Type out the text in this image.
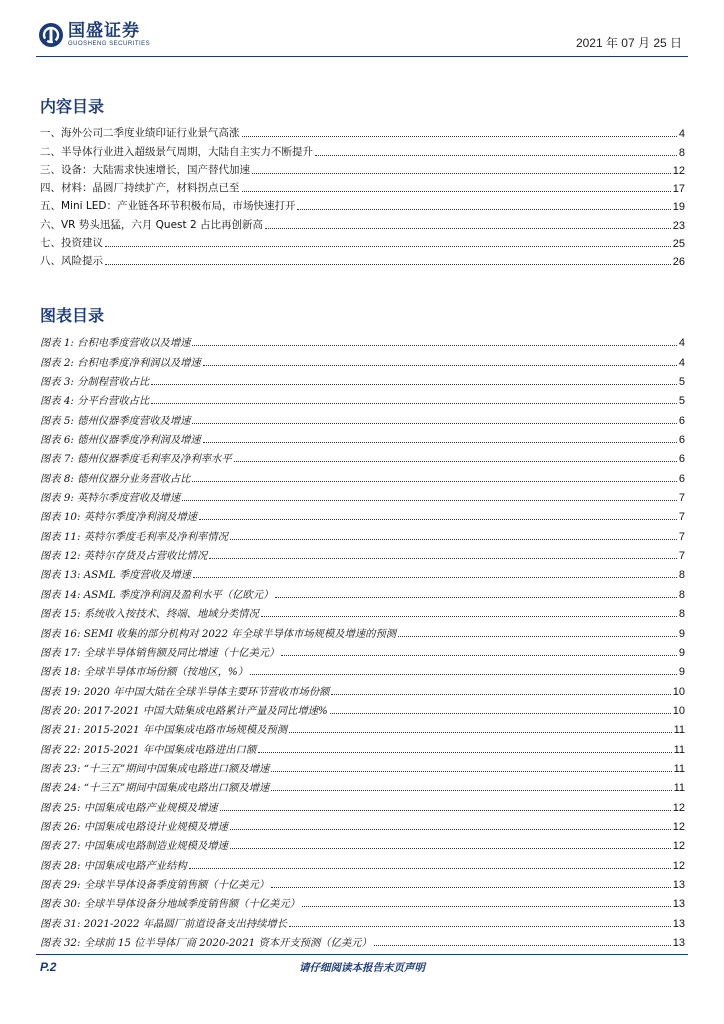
国盛证券
GUOSHENG SECURITIES	2021 年 07 月 25 日
内容目录
一、海外公司二季度业绩印证行业景气高涨	4
二、半导体行业进入超级景气周期，大陆自主实力不断提升	8
三、设备：大陆需求快速增长，国产替代加速	12
四、材料：晶圆厂持续扩产，材料拐点已至	17
五、Mini LED：产业链各环节积极布局，市场快速打开	19
六、VR 势头迅猛，六月 Quest 2 占比再创新高	23
七、投资建议	25
八、风险提示	26
图表目录
图表 1: 台积电季度营收以及增速	4
图表 2: 台积电季度净利润以及增速	4
图表 3: 分制程营收占比	5
图表 4: 分平台营收占比	5
图表 5: 德州仪器季度营收及增速	6
图表 6: 德州仪器季度净利润及增速	6
图表 7: 德州仪器季度毛利率及净利率水平	6
图表 8: 德州仪器分业务营收占比	6
图表 9: 英特尔季度营收及增速	7
图表 10: 英特尔季度净利润及增速	7
图表 11: 英特尔季度毛利率及净利率情况	7
图表 12: 英特尔存货及占营收比情况	7
图表 13: ASML 季度营收及增速	8
图表 14: ASML 季度净利润及盈利水平（亿欧元）	8
图表 15: 系统收入按技术、终端、地域分类情况	8
图表 16: SEMI 收集的部分机构对 2022 年全球半导体市场规模及增速的预测	9
图表 17: 全球半导体销售额及同比增速（十亿美元）	9
图表 18: 全球半导体市场份额（按地区，%）	9
图表 19: 2020 年中国大陆在全球半导体主要环节营收市场份额	10
图表 20: 2017-2021 中国大陆集成电路累计产量及同比增速%	10
图表 21: 2015-2021 年中国集成电路市场规模及预测	11
图表 22: 2015-2021 年中国集成电路进出口额	11
图表 23: “十三五”期间中国集成电路进口额及增速	11
图表 24: “十三五”期间中国集成电路出口额及增速	11
图表 25: 中国集成电路产业规模及增速	12
图表 26: 中国集成电路设计业规模及增速	12
图表 27: 中国集成电路制造业规模及增速	12
图表 28: 中国集成电路产业结构	12
图表 29: 全球半导体设备季度销售额（十亿美元）	13
图表 30: 全球半导体设备分地域季度销售额（十亿美元）	13
图表 31: 2021-2022 年晶圆厂前道设备支出持续增长	13
图表 32: 全球前 15 位半导体厂商 2020-2021 资本开支预测（亿美元）	13
P.2	请仔细阅读本报告末页声明
